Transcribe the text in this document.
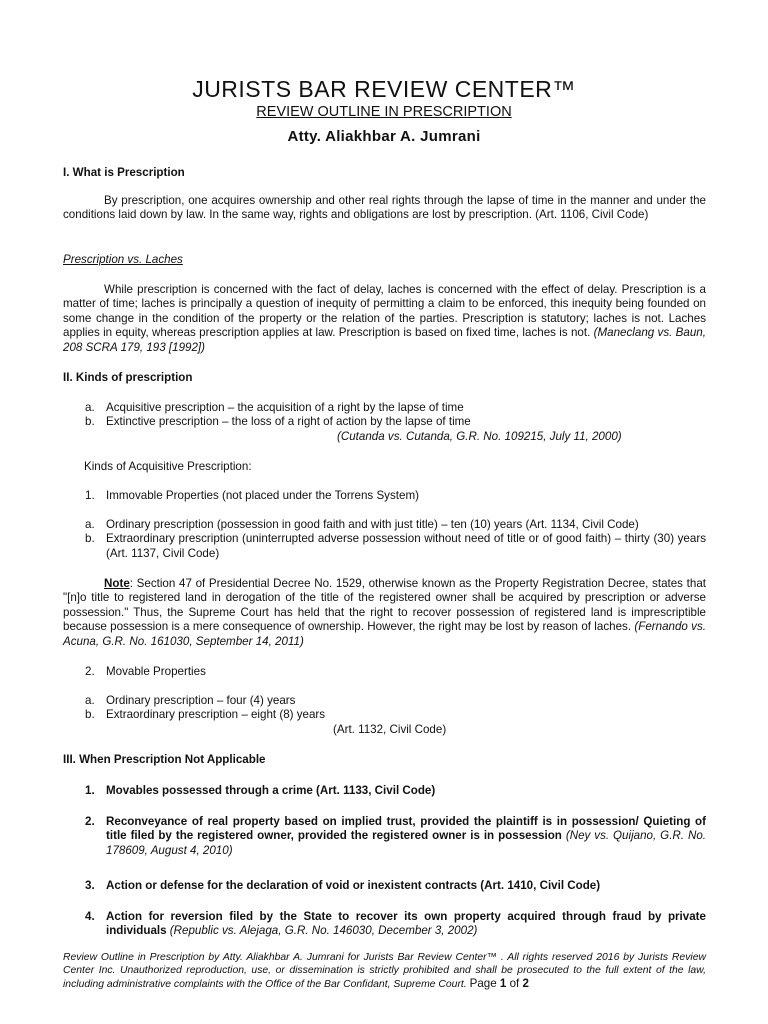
JURISTS BAR REVIEW CENTER™
REVIEW OUTLINE IN PRESCRIPTION
Atty. Aliakhbar A. Jumrani
I. What is Prescription

By prescription, one acquires ownership and other real rights through the lapse of time in the manner and under the conditions laid down by law. In the same way, rights and obligations are lost by prescription. (Art. 1106, Civil Code)

Prescription vs. Laches

While prescription is concerned with the fact of delay, laches is concerned with the effect of delay. Prescription is a matter of time; laches is principally a question of inequity of permitting a claim to be enforced, this inequity being founded on some change in the condition of the property or the relation of the parties. Prescription is statutory; laches is not. Laches applies in equity, whereas prescription applies at law. Prescription is based on fixed time, laches is not. (Maneclang vs. Baun, 208 SCRA 179, 193 [1992])

II. Kinds of prescription
a. Acquisitive prescription – the acquisition of a right by the lapse of time
b. Extinctive prescription – the loss of a right of action by the lapse of time
(Cutanda vs. Cutanda, G.R. No. 109215, July 11, 2000)
Kinds of Acquisitive Prescription:
1. Immovable Properties (not placed under the Torrens System)
a. Ordinary prescription (possession in good faith and with just title) – ten (10) years (Art. 1134, Civil Code)
b. Extraordinary prescription (uninterrupted adverse possession without need of title or of good faith) – thirty (30) years (Art. 1137, Civil Code)

Note: Section 47 of Presidential Decree No. 1529, otherwise known as the Property Registration Decree, states that "[n]o title to registered land in derogation of the title of the registered owner shall be acquired by prescription or adverse possession." Thus, the Supreme Court has held that the right to recover possession of registered land is imprescriptible because possession is a mere consequence of ownership. However, the right may be lost by reason of laches. (Fernando vs. Acuna, G.R. No. 161030, September 14, 2011)

2. Movable Properties
a. Ordinary prescription – four (4) years
b. Extraordinary prescription – eight (8) years
(Art. 1132, Civil Code)
III. When Prescription Not Applicable
1. Movables possessed through a crime (Art. 1133, Civil Code)
2. Reconveyance of real property based on implied trust, provided the plaintiff is in possession/ Quieting of title filed by the registered owner, provided the registered owner is in possession (Ney vs. Quijano, G.R. No. 178609, August 4, 2010)
3. Action or defense for the declaration of void or inexistent contracts (Art. 1410, Civil Code)
4. Action for reversion filed by the State to recover its own property acquired through fraud by private individuals (Republic vs. Alejaga, G.R. No. 146030, December 3, 2002)
Review Outline in Prescription by Atty. Aliakhbar A. Jumrani for Jurists Bar Review Center™ . All rights reserved 2016 by Jurists Review Center Inc. Unauthorized reproduction, use, or dissemination is strictly prohibited and shall be prosecuted to the full extent of the law, including administrative complaints with the Office of the Bar Confidant, Supreme Court. Page 1 of 2
